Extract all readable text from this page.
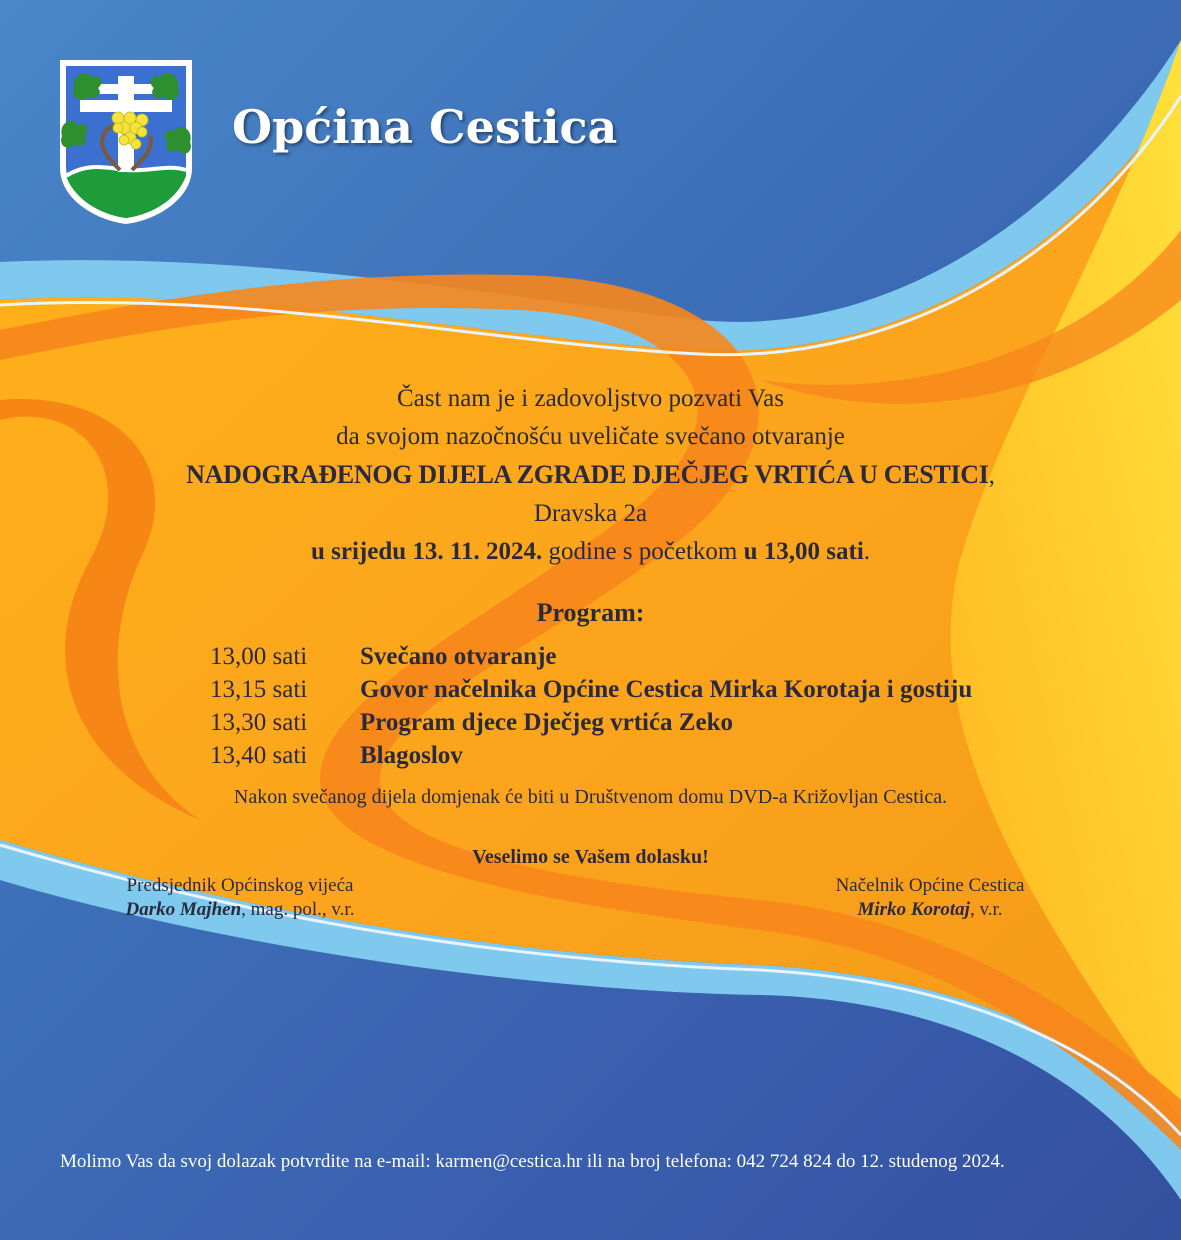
Općina Cestica
Čast nam je i zadovoljstvo pozvati Vas
da svojom nazočnošću uveličate svečano otvaranje
NADOGRAĐENOG DIJELA ZGRADE DJEČJEG VRTIĆA U CESTICI,
Dravska 2a
u srijedu 13. 11. 2024. godine s početkom u 13,00 sati.
Program:
13,00 sati Svečano otvaranje
13,15 sati Govor načelnika Općine Cestica Mirka Korotaja i gostiju
13,30 sati Program djece Dječjeg vrtića Zeko
13,40 sati Blagoslov
Nakon svečanog dijela domjenak će biti u Društvenom domu DVD-a Križovljan Cestica.
Veselimo se Vašem dolasku!
Predsjednik Općinskog vijeća
Darko Majhen, mag. pol., v.r.
Načelnik Općine Cestica
Mirko Korotaj, v.r.
Molimo Vas da svoj dolazak potvrdite na e-mail: karmen@cestica.hr ili na broj telefona: 042 724 824 do 12. studenog 2024.
